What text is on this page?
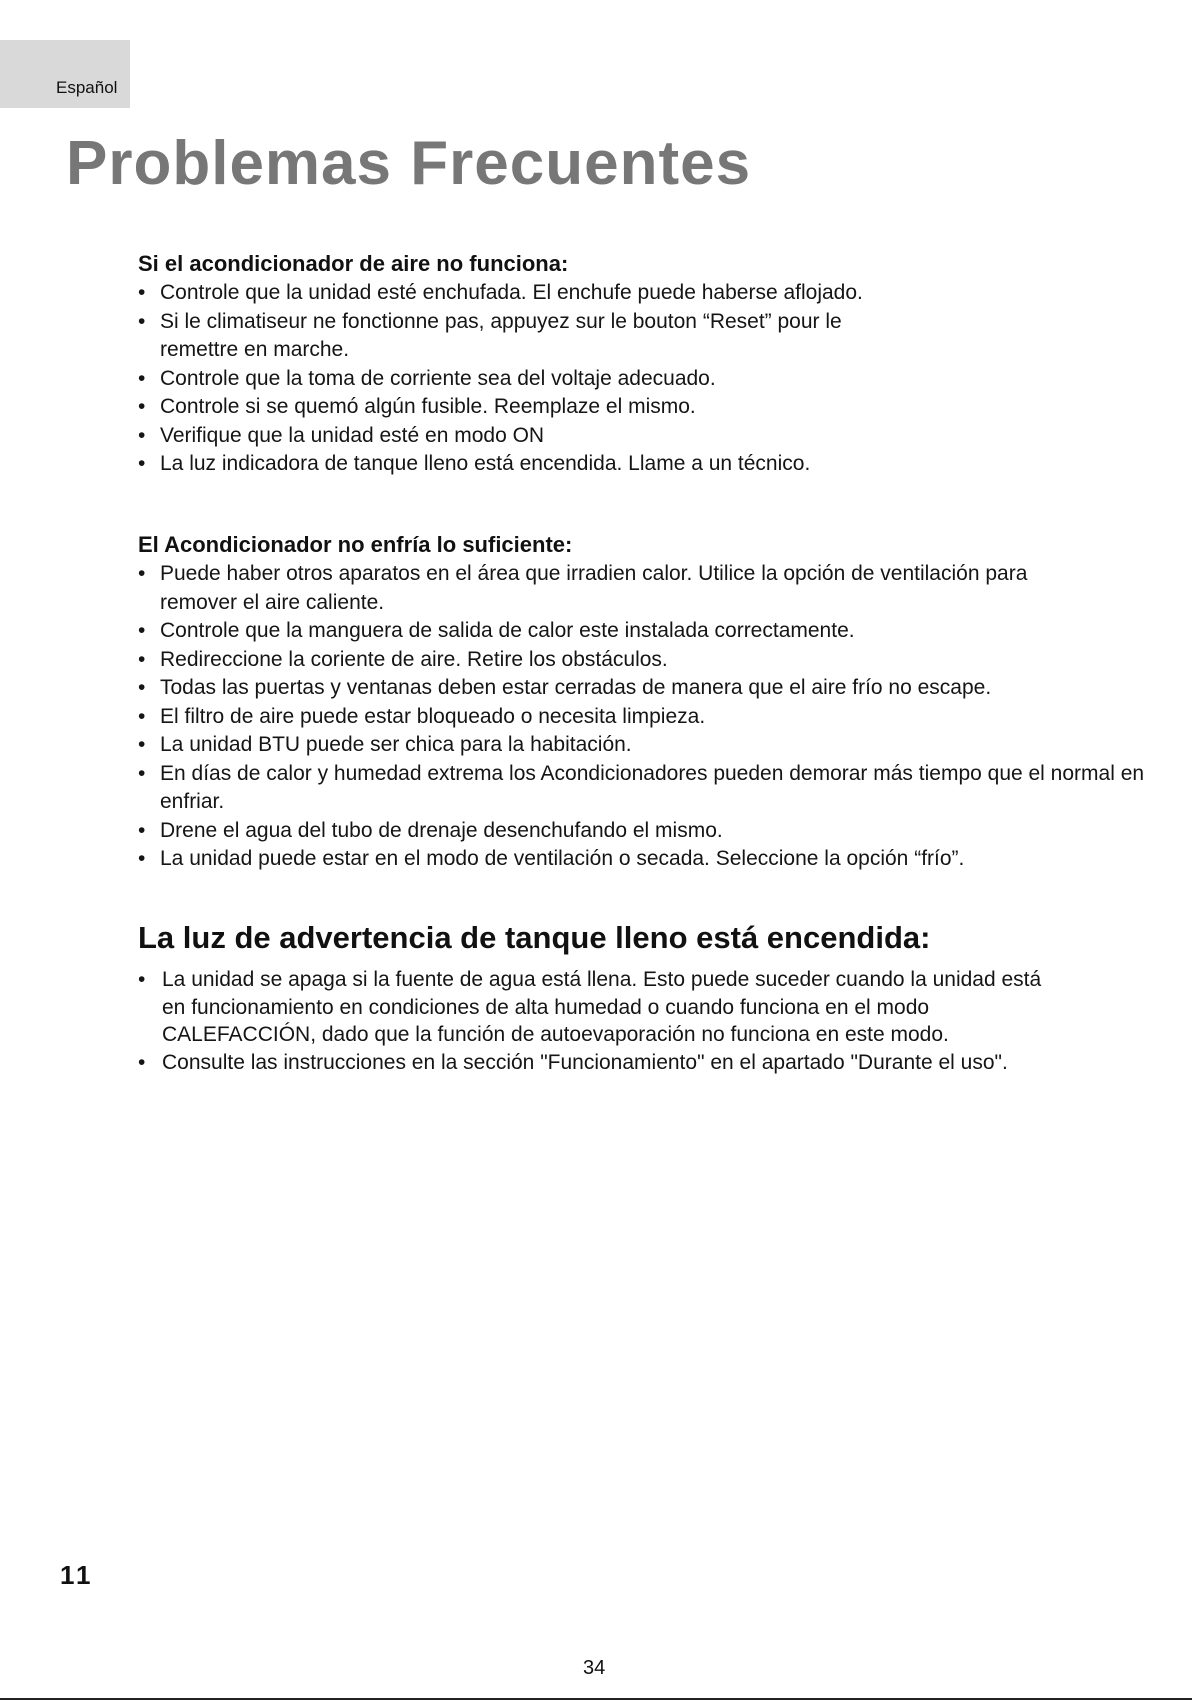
Español
Problemas Frecuentes
Si el acondicionador de aire no funciona:
• Controle que la unidad esté enchufada. El enchufe puede haberse aflojado.
• Si le climatiseur ne fonctionne pas, appuyez sur le bouton “Reset” pour le remettre en marche.
• Controle que la toma de corriente sea del voltaje adecuado.
• Controle si se quemó algún fusible. Reemplaze el mismo.
• Verifique que la unidad esté en modo ON
• La luz indicadora de tanque lleno está encendida. Llame a un técnico.
El Acondicionador no enfría lo suficiente:
• Puede haber otros aparatos en el área que irradien calor. Utilice la opción de ventilación para remover el aire caliente.
• Controle que la manguera de salida de calor este instalada correctamente.
• Redireccione la coriente de aire. Retire los obstáculos.
• Todas las puertas y ventanas deben estar cerradas de manera que el aire frío no escape.
• El filtro de aire puede estar bloqueado o necesita limpieza.
• La unidad BTU puede ser chica para la habitación.
• En días de calor y humedad extrema los Acondicionadores pueden demorar más tiempo que el normal en enfriar.
• Drene el agua del tubo de drenaje desenchufando el mismo.
• La unidad puede estar en el modo de ventilación o secada. Seleccione la opción “frío”.
La luz de advertencia de tanque lleno está encendida:
• La unidad se apaga si la fuente de agua está llena. Esto puede suceder cuando la unidad está en funcionamiento en condiciones de alta humedad o cuando funciona en el modo CALEFACCIÓN, dado que la función de autoevaporación no funciona en este modo.
• Consulte las instrucciones en la sección "Funcionamiento" en el apartado "Durante el uso".
11
34
